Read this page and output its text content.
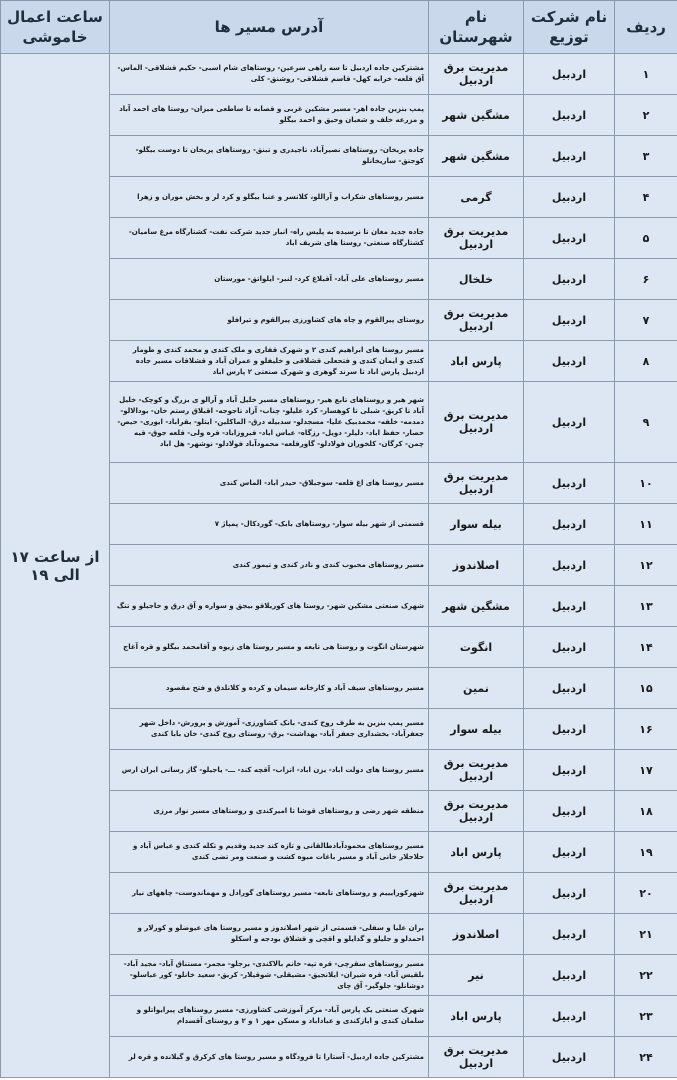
ردیف	نام شرکت توزیع	نام شهرستان	آدرس مسیر ها	ساعت اعمال خاموشی
۱	اردبیل	مدیریت برق اردبیل	مشترکین جاده اردبیل تا سه راهی سرعین- روستاهای شام اسبی- حکیم قشلاقی- الماس- آق قلعه- خرابه کهل- قاسم قشلاقی- روشنق- کلی	از ساعت ۱۷ الی ۱۹
۲	اردبیل	مشگین شهر	پمپ بنزین جاده اهر- مسیر مشکین غربی و قصابه تا ساطعی میزان- روستا های احمد آباد و مزرعه خلف و شعبان وحیق و احمد بیگلو	
۳	اردبیل	مشگین شهر	جاده پریخان- روستاهای نصیرآباد، تاجیدری و تبنق- روستاهای پریخان تا دوست بیگلو- کوجنق- ساریخانلو	
۴	اردبیل	گرمی	مسیر روستاهای شکراب و آراللو، کلانسر و عنبا بیگلو و کرد لر و بخش موران و زهرا	
۵	اردبیل	مدیریت برق اردبیل	جاده جدید مغان تا نرسیده به پلیس راه- انبار جدید شرکت نفت- کشتارگاه مرغ سامیان- کشتارگاه صنعتی- روستا های شریف اباد	
۶	اردبیل	خلخال	مسیر روستاهای علی آباد- آقبلاغ کرد- لنبر- ایلواتق- مورستان	
۷	اردبیل	مدیریت برق اردبیل	روستای پیرالقوم و چاه های کشاورزی پیرالقوم و تیرافلو	
۸	اردبیل	پارس اباد	مسیر روستا های ابراهیم کندی ۲ و شهرک قفاری و ملک کندی و محمد کندی و طومار کندی و ایمان کندی و فتحعلی قشلاقی و خلیفلو و عمران آباد و قشلاقات مسیر جاده اردبیل پارس اباد تا سرند گوهری و شهرک صنعتی ۲ پارس اباد	
۹	اردبیل	مدیریت برق اردبیل	شهر هیر و روستاهای تابع هیر- روستاهای مسیر خلیل آباد و آرالو ی بزرگ و کوچک- خلیل آباد تا کریق- شبلی تا کوهسار- کرد علیلو- چناب- آزاد تاجوجه- اقبلاق رستم خان- بودالالو- دمدمه- خلفه- محمدبیک علیا- مسجدلو- سدبیله درق- الماکلین- ایتلو- بقراباد- ایوری- حیص- حصار- حفظ اباد- دلیلر- دویل- رزگاه- عباس اباد- فیروزاباد- قره ولی- قلعه جوق- قیه چمن- کرگان- کلخوران فولادلو- گاورقلعه- محمودآباد فولادلو- نوشهر- هل اباد	
۱۰	اردبیل	مدیریت برق اردبیل	مسیر روستا های اغ قلعه- سوجبلاق- حیدر اباد- الماس کندی	
۱۱	اردبیل	بیله سوار	قسمتی از شهر بیله سوار- روستاهای بابک- گوردکال- پمپاژ ۷	
۱۲	اردبیل	اصلاندوز	مسیر روستاهای محبوب کندی و نادر کندی و تیمور کندی	
۱۳	اردبیل	مشگین شهر	شهرک صنعتی مشکین شهر- روستا های کوریلاقو بیجق و سواره و آق درق و حاجیلو و تنگ	
۱۴	اردبیل	انگوت	شهرستان انگوت و روستا هی تابعه و مسیر روستا های زیوه و آقامحمد بیگلو و قره آغاج	
۱۵	اردبیل	نمین	مسیر روستاهای سیف آباد و کارخانه سیمان و کرده و کلانلدق و فتح مقصود	
۱۶	اردبیل	بیله سوار	مسیر پمپ بنزین به طرف روح کندی- بانک کشاورزی- آموزش و پرورش- داخل شهر جعفرآباد- بخشداری جعفر آباد- بهداشت- برق- روستای روح کندی- خان بابا کندی	
۱۷	اردبیل	مدیریت برق اردبیل	مسیر روستا های دولت اباد- یزن اباد- انزاب- آقچه کند- ـــ- یاجیلو- گاز رسانی ایران ارس	
۱۸	اردبیل	مدیریت برق اردبیل	منطقه شهر رضی و روستاهای قوشا تا امیرکندی و روستاهای مسیر نوار مرزی	
۱۹	اردبیل	پارس اباد	مسیر روستاهای محمودآبادطالقانی و تازه کند جدید وقدیم و تکله کندی و عباس آباد و حلاجلار خانی آباد و مسیر باغات میوه کشت و صنعت ومر تضی کندی	
۲۰	اردبیل	مدیریت برق اردبیل	شهرکورایییم و روستاهای تابعه- مسیر روستاهای گورادل و مهماندوست- چاههای نیار	
۲۱	اردبیل	اصلاندوز	بران علیا و سفلی- قسمتی از شهر اصلاندوز و مسیر روستا های عیوضلو و کورلار و احمدلو و جلیلو و گدایلو و اقچی و قشلاق بودجه و اسکلو	
۲۲	اردبیل	نیر	مسیر روستاهای سقرچی- قره تپه- خانم بالاکندی- برجلو- مجمر- مستناق آباد- مجید آباد- بلقیس آباد- قره شیران- ایلانجیق- مشیقلی- شوقیلار- کریق- سعید خانلو- کور عباسلو- دوشانلو- جلوگیر- آق چای	
۲۳	اردبیل	پارس اباد	شهرک صنعتی یک پارس آباد- مرکز آموزشی کشاورزی- مسیر روستاهای پیرایواتلو و سلمان کندی و ایازکندی و عباداباد و مسکن مهر ۱ و ۲ و روستای آقسدام	
۲۴	اردبیل	مدیریت برق اردبیل	مشترکین جاده اردبیل- آستارا تا فرودگاه و مسیر روستا های کرکرق و گیلانده و قره لر	
